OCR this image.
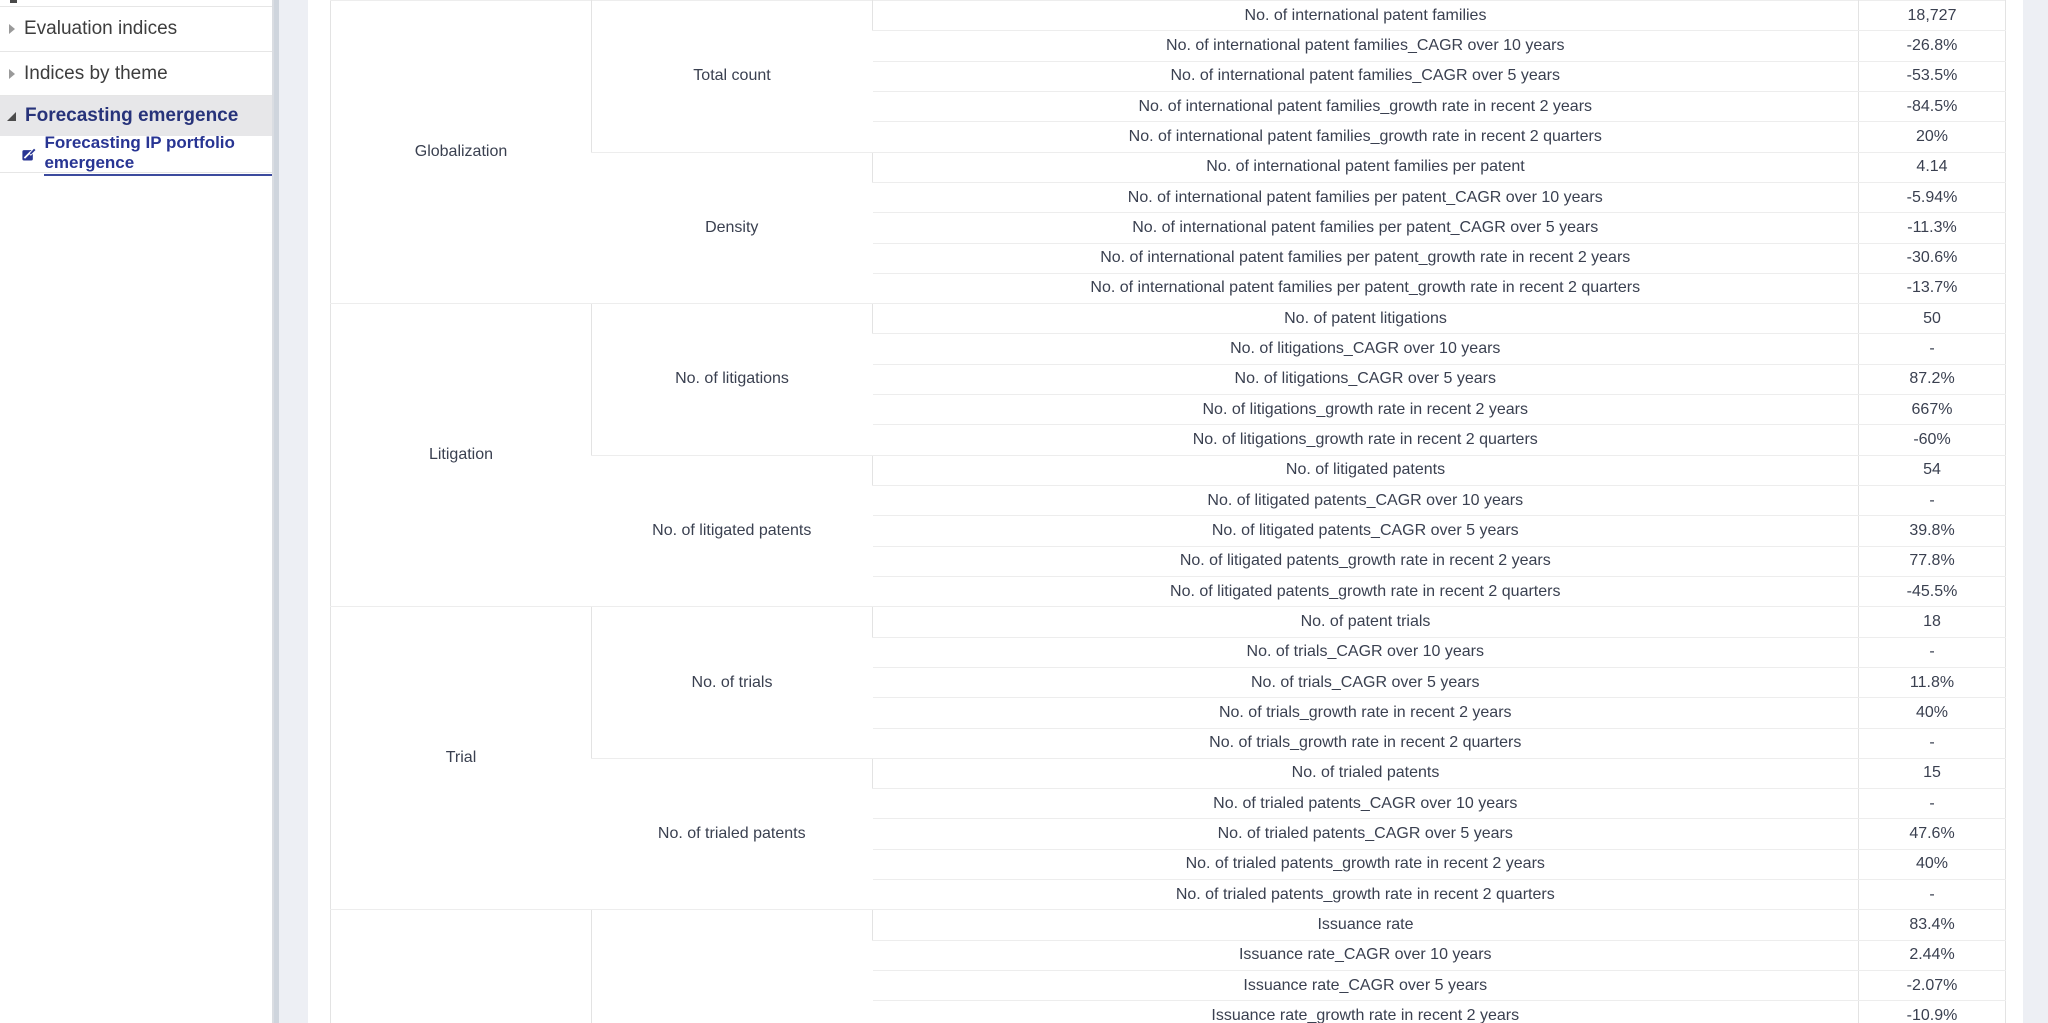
Evaluation indices
Indices by theme
Forecasting emergence
Forecasting IP portfolio emergence
Globalization	Total count	No. of international patent families	18,727
		No. of international patent families_CAGR over 10 years	-26.8%
		No. of international patent families_CAGR over 5 years	-53.5%
		No. of international patent families_growth rate in recent 2 years	-84.5%
		No. of international patent families_growth rate in recent 2 quarters	20%
	Density	No. of international patent families per patent	4.14
		No. of international patent families per patent_CAGR over 10 years	-5.94%
		No. of international patent families per patent_CAGR over 5 years	-11.3%
		No. of international patent families per patent_growth rate in recent 2 years	-30.6%
		No. of international patent families per patent_growth rate in recent 2 quarters	-13.7%
Litigation	No. of litigations	No. of patent litigations	50
		No. of litigations_CAGR over 10 years	-
		No. of litigations_CAGR over 5 years	87.2%
		No. of litigations_growth rate in recent 2 years	667%
		No. of litigations_growth rate in recent 2 quarters	-60%
	No. of litigated patents	No. of litigated patents	54
		No. of litigated patents_CAGR over 10 years	-
		No. of litigated patents_CAGR over 5 years	39.8%
		No. of litigated patents_growth rate in recent 2 years	77.8%
		No. of litigated patents_growth rate in recent 2 quarters	-45.5%
Trial	No. of trials	No. of patent trials	18
		No. of trials_CAGR over 10 years	-
		No. of trials_CAGR over 5 years	11.8%
		No. of trials_growth rate in recent 2 years	40%
		No. of trials_growth rate in recent 2 quarters	-
	No. of trialed patents	No. of trialed patents	15
		No. of trialed patents_CAGR over 10 years	-
		No. of trialed patents_CAGR over 5 years	47.6%
		No. of trialed patents_growth rate in recent 2 years	40%
		No. of trialed patents_growth rate in recent 2 quarters	-
		Issuance rate	83.4%
		Issuance rate_CAGR over 10 years	2.44%
		Issuance rate_CAGR over 5 years	-2.07%
		Issuance rate_growth rate in recent 2 years	-10.9%
